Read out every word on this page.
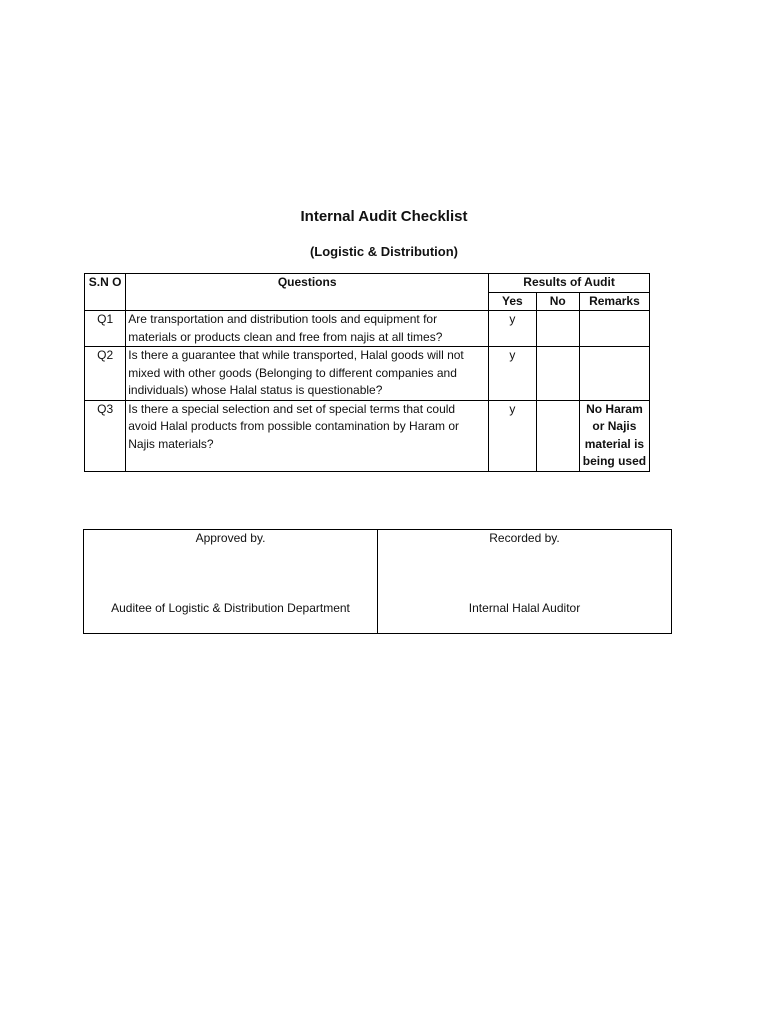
Internal Audit Checklist
(Logistic & Distribution)
S.N O	Questions	Results of Audit		
		Yes	No	Remarks
Q1	Are transportation and distribution tools and equipment for materials or products clean and free from najis at all times?	y		
Q2	Is there a guarantee that while transported, Halal goods will not mixed with other goods (Belonging to different companies and individuals) whose Halal status is questionable?	y		
Q3	Is there a special selection and set of special terms that could avoid Halal products from possible contamination by Haram or Najis materials?	y		No Haram or Najis material is being used
Approved by.
Auditee of Logistic & Distribution Department

Recorded by.
Internal Halal Auditor
